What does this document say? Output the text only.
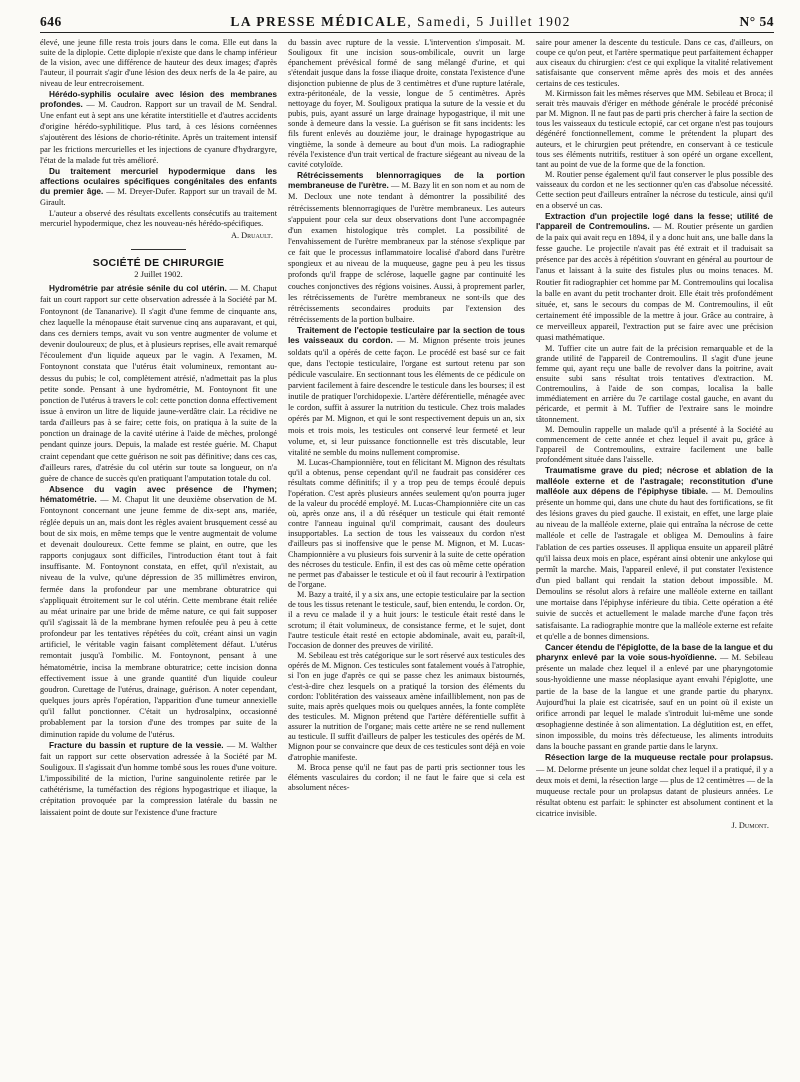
646	LA PRESSE MÉDICALE, Samedi, 5 Juillet 1902	N° 54

élevé, une jeune fille resta trois jours dans le coma. Elle eut dans la suite de la diplopie. Cette diplopie n'existe que dans le champ inférieur de la vision, avec une différence de hauteur des deux images; d'après l'auteur, il pourrait s'agir d'une lésion des deux nerfs de la 4e paire, au niveau de leur entrecroisement.

Hérédo-syphilis oculaire avec lésion des membranes profondes. — M. Caudron. Rapport sur un travail de M. Sendral. Une enfant eut à sept ans une kératite interstitielle et d'autres accidents d'origine hérédo-syphilitique. Plus tard, à ces lésions cornéennes s'ajoutèrent des lésions de chorio-rétinite. Après un traitement intensif par les frictions mercurielles et les injections de cyanure d'hydrargyre, l'état de la malade fut très amélioré.

Du traitement mercuriel hypodermique dans les affections oculaires spécifiques congénitales des enfants du premier âge. — M. Dreyer-Dufer. Rapport sur un travail de M. Girault.

L'auteur a observé des résultats excellents consécutifs au traitement mercuriel hypodermique, chez les nouveau-nés hérédo-spécifiques.

A. Druault.
SOCIÉTÉ DE CHIRURGIE
2 Juillet 1902.

Hydrométrie par atrésie sénile du col utérin. — M. Chaput fait un court rapport sur cette observation adressée à la Société par M. Fontoynont (de Tananarive). Il s'agit d'une femme de cinquante ans, chez laquelle la ménopause était survenue cinq ans auparavant, et qui, dans ces derniers temps, avait vu son ventre augmenter de volume et devenir douloureux; de plus, et à plusieurs reprises, elle avait remarqué l'écoulement d'un liquide aqueux par le vagin. A l'examen, M. Fontoynont constata que l'utérus était volumineux, remontant au-dessus du pubis; le col, complètement atrésié, n'admettait pas la plus petite sonde. Pensant à une hydrométrie, M. Fontoynont fit une ponction de l'utérus à travers le col: cette ponction donna effectivement issue à environ un litre de liquide jaune-verdâtre clair. La récidive ne tarda d'ailleurs pas à se faire; cette fois, on pratiqua à la suite de la ponction un drainage de la cavité utérine à l'aide de mèches, prolongé pendant quinze jours. Depuis, la malade est restée guérie. M. Chaput craint cependant que cette guérison ne soit pas définitive; dans ces cas, d'ailleurs rares, d'atrésie du col utérin sur toute sa longueur, on n'a guère de chance de succès qu'en pratiquant l'amputation totale du col.

Absence du vagin avec présence de l'hymen; hématométrie. — M. Chaput lit une deuxième observation de M. Fontoynont concernant une jeune femme de dix-sept ans, mariée, réglée depuis un an, mais dont les règles avaient brusquement cessé au bout de six mois, en même temps que le ventre augmentait de volume et devenait douloureux. Cette femme se plaint, en outre, que les rapports conjugaux sont difficiles, l'introduction étant tout à fait insuffisante. M. Fontoynont constata, en effet, qu'il n'existait, au niveau de la vulve, qu'une dépression de 35 millimètres environ, fermée dans la profondeur par une membrane obturatrice qui s'appliquait étroitement sur le col utérin. Cette membrane était reliée au méat urinaire par une bride de même nature, ce qui fait supposer qu'il s'agissait là de la membrane hymen refoulée peu à peu à cette profondeur par les tentatives répétées du coït, créant ainsi un vagin artificiel, le véritable vagin faisant complètement défaut. L'utérus remontait jusqu'à l'ombilic. M. Fontoynont, pensant à une hématométrie, incisa la membrane obturatrice; cette incision donna effectivement issue à une grande quantité d'un liquide couleur goudron. Curettage de l'utérus, drainage, guérison. A noter cependant, quelques jours après l'opération, l'apparition d'une tumeur annexielle qu'il fallut ponctionner. C'était un hydrosalpinx, occasionné probablement par la torsion d'une des trompes par suite de la diminution rapide du volume de l'utérus.

Fracture du bassin et rupture de la vessie. — M. Walther fait un rapport sur cette observation adressée à la Société par M. Souligoux. Il s'agissait d'un homme tombé sous les roues d'une voiture. L'impossibilité de la miction, l'urine sanguinolente retirée par le cathétérisme, la tuméfaction des régions hypogastrique et iliaque, la crépitation provoquée par la compression latérale du bassin ne laissaient point de doute sur l'existence d'une fracture

du bassin avec rupture de la vessie. L'intervention s'imposait. M. Souligoux fit une incision sous-ombilicale, ouvrit un large épanchement prévésical formé de sang mélangé d'urine, et qui s'étendait jusque dans la fosse iliaque droite, constata l'existence d'une disjonction pubienne de plus de 3 centimètres et d'une rupture latérale, extra-péritonéale, de la vessie, longue de 5 centimètres. Après nettoyage du foyer, M. Souligoux pratiqua la suture de la vessie et du pubis, puis, ayant assuré un large drainage hypogastrique, il mit une sonde à demeure dans la vessie. La guérison se fit sans incidents: les fils furent enlevés au douzième jour, le drainage hypogastrique au vingtième, la sonde à demeure au bout d'un mois. La radiographie révéla l'existence d'un trait vertical de fracture siégeant au niveau de la cavité cotyloïde.

Rétrécissements blennorragiques de la portion membraneuse de l'urètre. — M. Bazy lit en son nom et au nom de M. Decloux une note tendant à démontrer la possibilité des rétrécissements blennorragiques de l'urètre membraneux. Les auteurs s'appuient pour cela sur deux observations dont l'une accompagnée d'un examen histologique très complet. La possibilité de l'envahissement de l'urètre membraneux par la sténose s'explique par ce fait que le processus inflammatoire localisé d'abord dans l'urètre spongieux et au niveau de la muqueuse, gagne peu à peu les tissus profonds qu'il frappe de sclérose, laquelle gagne par continuité les couches conjonctives des régions voisines. Aussi, à proprement parler, les rétrécissements de l'urètre membraneux ne sont-ils que des rétrécissements secondaires produits par l'extension des rétrécissements de la portion bulbaire.

Traitement de l'ectopie testiculaire par la section de tous les vaisseaux du cordon. — M. Mignon présente trois jeunes soldats qu'il a opérés de cette façon. Le procédé est basé sur ce fait que, dans l'ectopie testiculaire, l'organe est surtout retenu par son pédicule vasculaire. En sectionnant tous les éléments de ce pédicule on parvient facilement à faire descendre le testicule dans les bourses; il est inutile de pratiquer l'orchidopexie. L'artère déférentielle, ménagée avec le cordon, suffit à assurer la nutrition du testicule. Chez trois malades opérés par M. Mignon, et qui le sont respectivement depuis un an, six mois et trois mois, les testicules ont conservé leur fermeté et leur volume, et, si leur puissance fonctionnelle est très discutable, leur vitalité ne semble du moins nullement compromise.

M. Lucas-Championnière, tout en félicitant M. Mignon des résultats qu'il a obtenus, pense cependant qu'il ne faudrait pas considérer ces résultats comme définitifs; il y a trop peu de temps écoulé depuis l'opération. C'est après plusieurs années seulement qu'on pourra juger de la valeur du procédé employé. M. Lucas-Championnière cite un cas où, après onze ans, il a dû réséquer un testicule qui était remonté contre l'anneau inguinal qu'il comprimait, causant des douleurs insupportables. La section de tous les vaisseaux du cordon n'est d'ailleurs pas si inoffensive que le pense M. Mignon, et M. Lucas-Championnière a vu plusieurs fois survenir à la suite de cette opération des nécroses du testicule. Enfin, il est des cas où même cette opération ne permet pas d'abaisser le testicule et où il faut recourir à l'extirpation de l'organe.

M. Bazy a traité, il y a six ans, une ectopie testiculaire par la section de tous les tissus retenant le testicule, sauf, bien entendu, le cordon. Or, il a revu ce malade il y a huit jours: le testicule était resté dans le scrotum; il était volumineux, de consistance ferme, et le sujet, dont l'autre testicule était resté en ectopie abdominale, avait eu, paraît-il, l'occasion de donner des preuves de virilité.

M. Sebileau est très catégorique sur le sort réservé aux testicules des opérés de M. Mignon. Ces testicules sont fatalement voués à l'atrophie, si l'on en juge d'après ce qui se passe chez les animaux bistournés, c'est-à-dire chez lesquels on a pratiqué la torsion des éléments du cordon: l'oblitération des vaisseaux amène infailliblement, non pas de suite, mais après quelques mois ou quelques années, la fonte complète des testicules. M. Mignon prétend que l'artère déférentielle suffit à assurer la nutrition de l'organe; mais cette artère ne se rend nullement au testicule. Il suffit d'ailleurs de palper les testicules des opérés de M. Mignon pour se convaincre que deux de ces testicules sont déjà en voie d'atrophie manifeste.

M. Broca pense qu'il ne faut pas de parti pris sectionner tous les éléments vasculaires du cordon; il ne faut le faire que si cela est absolument néces-

saire pour amener la descente du testicule. Dans ce cas, d'ailleurs, on coupe ce qu'on peut, et l'artère spermatique peut parfaitement échapper aux ciseaux du chirurgien: c'est ce qui explique la vitalité relativement satisfaisante que conservent même après des mois et des années certains de ces testicules.

M. Kirmisson fait les mêmes réserves que MM. Sebileau et Broca; il serait très mauvais d'ériger en méthode générale le procédé préconisé par M. Mignon. Il ne faut pas de parti pris chercher à faire la section de tous les vaisseaux du testicule ectopié, car cet organe n'est pas toujours dégénéré fonctionnellement, comme le prétendent la plupart des auteurs, et le chirurgien peut prétendre, en conservant à ce testicule tous ses éléments nutritifs, restituer à son opéré un organe excellent, tant au point de vue de la forme que de la fonction.

M. Routier pense également qu'il faut conserver le plus possible des vaisseaux du cordon et ne les sectionner qu'en cas d'absolue nécessité. Cette section peut d'ailleurs entraîner la nécrose du testicule, ainsi qu'il en a observé un cas.

Extraction d'un projectile logé dans la fesse; utilité de l'appareil de Contremoulins. — M. Routier présente un gardien de la paix qui avait reçu en 1894, il y a donc huit ans, une balle dans la fesse gauche. Le projectile n'avait pas été extrait et il traduisait sa présence par des accès à répétition s'ouvrant en général au pourtour de l'anus et laissant à la suite des fistules plus ou moins tenaces. M. Routier fit radiographier cet homme par M. Contremoulins qui localisa la balle en avant du petit trochanter droit. Elle était très profondément située, et, sans le secours du compas de M. Contremoulins, il eût certainement été impossible de la mettre à jour. Grâce au contraire, à ce merveilleux appareil, l'extraction put se faire avec une précision quasi mathématique.

M. Tuffier cite un autre fait de la précision remarquable et de la grande utilité de l'appareil de Contremoulins. Il s'agit d'une jeune femme qui, ayant reçu une balle de revolver dans la poitrine, avait ensuite subi sans résultat trois tentatives d'extraction. M. Contremoulins, à l'aide de son compas, localisa la balle immédiatement en arrière du 7e cartilage costal gauche, en avant du péricarde, et permit à M. Tuffier de l'extraire sans le moindre tâtonnement.

M. Demoulin rappelle un malade qu'il a présenté à la Société au commencement de cette année et chez lequel il avait pu, grâce à l'appareil de Contremoulins, extraire facilement une balle profondément située dans l'aisselle.

Traumatisme grave du pied; nécrose et ablation de la malléole externe et de l'astragale; reconstitution d'une malléole aux dépens de l'épiphyse tibiale. — M. Demoulins présente un homme qui, dans une chute du haut des fortifications, se fit des lésions graves du pied gauche. Il existait, en effet, une large plaie au niveau de la malléole externe, plaie qui entraîna la nécrose de cette malléole et celle de l'astragale et obligea M. Demoulins à faire l'ablation de ces parties osseuses. Il appliqua ensuite un appareil plâtré qu'il laissa deux mois en place, espérant ainsi obtenir une ankylose qui permît la marche. Mais, l'appareil enlevé, il put constater l'existence d'un pied ballant qui rendait la station debout impossible. M. Demoulins se résolut alors à refaire une malléole externe en taillant une mortaise dans l'épiphyse inférieure du tibia. Cette opération a été suivie de succès et actuellement le malade marche d'une façon très satisfaisante. La radiographie montre que la malléole externe est refaite et qu'elle a de bonnes dimensions.

Cancer étendu de l'épiglotte, de la base de la langue et du pharynx enlevé par la voie sous-hyoïdienne. — M. Sebileau présente un malade chez lequel il a enlevé par une pharyngotomie sous-hyoïdienne une masse néoplasique ayant envahi l'épiglotte, une partie de la base de la langue et une grande partie du pharynx. Aujourd'hui la plaie est cicatrisée, sauf en un point où il existe un orifice arrondi par lequel le malade s'introduit lui-même une sonde œsophagienne destinée à son alimentation. La déglutition est, en effet, sinon impossible, du moins très défectueuse, les aliments introduits dans la bouche passant en grande partie dans le larynx.

Résection large de la muqueuse rectale pour prolapsus. — M. Delorme présente un jeune soldat chez lequel il a pratiqué, il y a deux mois et demi, la résection large — plus de 12 centimètres — de la muqueuse rectale pour un prolapsus datant de plusieurs années. Le résultat obtenu est parfait: le sphincter est absolument continent et la cicatrice invisible.

J. Dumont.
